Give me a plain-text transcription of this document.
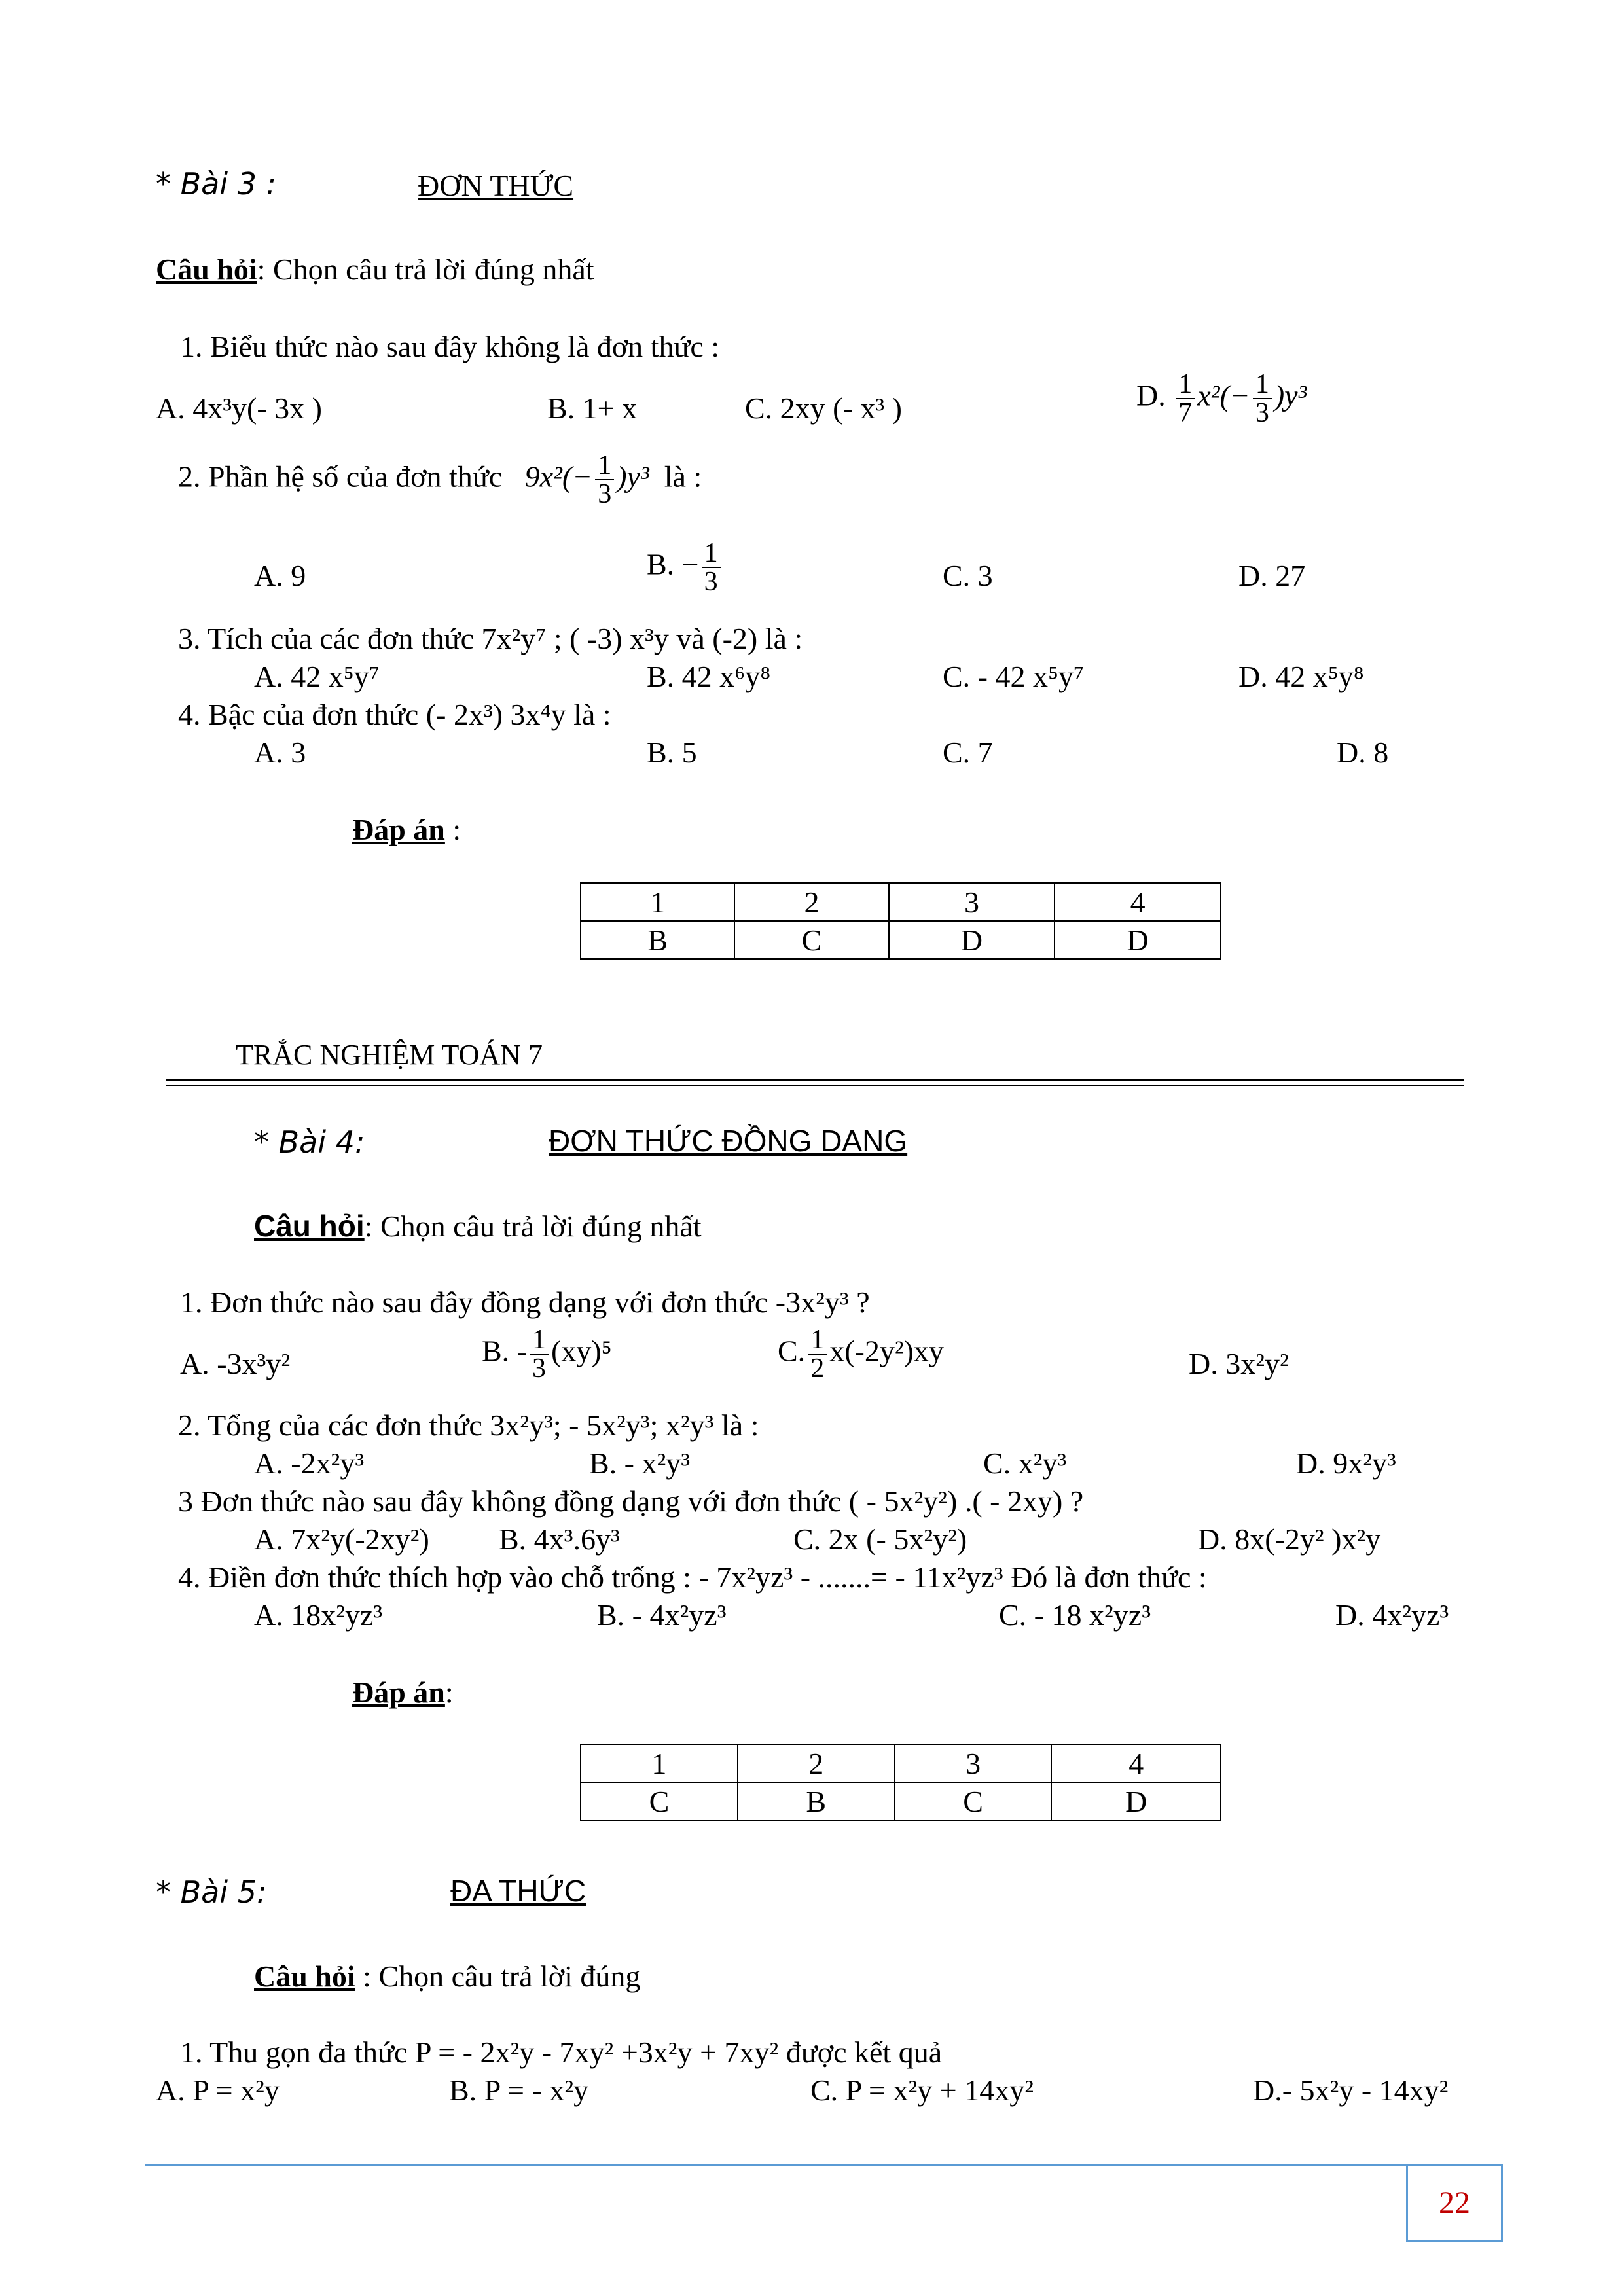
* Bài 3 :	ĐƠN THỨC
Câu hỏi: Chọn câu trả lời đúng nhất
1. Biểu thức nào sau đây không là đơn thức :
A. 4x³y(- 3x )	B. 1+ x	C. 2xy (- x³ )	D. $\frac{1}{7} x^2(- \frac{1}{3} )y^3$
2. Phần hệ số của đơn thức $9x^2(- \frac{1}{3} )y^3$ là :
A. 9	B. − $\frac{1}{3}$	C. 3	D. 27
3. Tích của các đơn thức 7x²y⁷ ; ( -3) x³y và (-2) là :
A. 42 x⁵y⁷	B. 42 x⁶y⁸	C. - 42 x⁵y⁷	D. 42 x⁵y⁸
4. Bậc của đơn thức (- 2x³) 3x⁴y là :
A. 3	B. 5	C. 7	D. 8
Đáp án :
1	2	3	4
B	C	D	D
TRẮC NGHIỆM TOÁN 7
* Bài 4:	ĐƠN THỨC ĐỒNG DANG
Câu hỏi: Chọn câu trả lời đúng nhất
1. Đơn thức nào sau đây đồng dạng với đơn thức -3x²y³ ?
A. -3x³y²	B. - $\frac{1}{3} (xy)^5$	C. $\frac{1}{2} x(-2y^2)xy$	D. 3x²y²
2. Tổng của các đơn thức 3x²y³; - 5x²y³; x²y³ là :
A. -2x²y³	B. - x²y³	C. x²y³	D. 9x²y³
3 Đơn thức nào sau đây không đồng dạng với đơn thức ( - 5x²y²) .( - 2xy) ?
A. 7x²y(-2xy²) B. 4x³.6y³	C. 2x (- 5x²y²)	D. 8x(-2y² )x²y
4. Điền đơn thức thích hợp vào chỗ trống : - 7x²yz³ - .......= - 11x²yz³ Đó là đơn thức :
A. 18x²yz³	B. - 4x²yz³	C. - 18 x²yz³	D. 4x²yz³
Đáp án:
1	2	3	4
C	B	C	D
* Bài 5:	ĐA THỨC
Câu hỏi : Chọn câu trả lời đúng
1. Thu gọn đa thức P = - 2x²y - 7xy² +3x²y + 7xy² được kết quả
A. P = x²y	B. P = - x²y	C. P = x²y + 14xy²	D.- 5x²y - 14xy²
22
